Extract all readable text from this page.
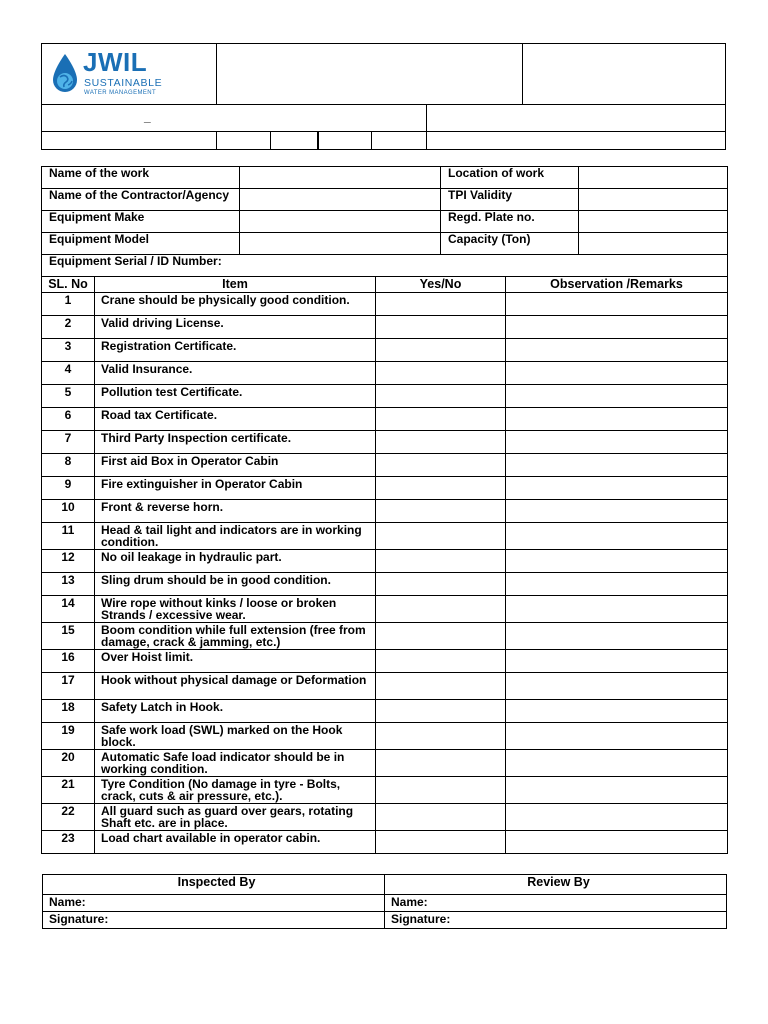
JWIL
SUSTAINABLE
WATER MANAGEMENT
_
Name of the work		Location of work	
Name of the Contractor/Agency		TPI Validity	
Equipment Make		Regd. Plate no.	
Equipment Model		Capacity (Ton)	
Equipment Serial / ID Number:			
SL. No	Item	Yes/No	Observation /Remarks
1	Crane should be physically good condition.		
2	Valid driving License.		
3	Registration Certificate.		
4	Valid Insurance.		
5	Pollution test Certificate.		
6	Road tax Certificate.		
7	Third Party Inspection certificate.		
8	First aid Box in Operator Cabin		
9	Fire extinguisher in Operator Cabin		
10	Front & reverse horn.		
11	Head & tail light and indicators are in working condition.		
12	No oil leakage in hydraulic part.		
13	Sling drum should be in good condition.		
14	Wire rope without kinks / loose or broken Strands / excessive wear.		
15	Boom condition while full extension (free from damage, crack & jamming, etc.)		
16	Over Hoist limit.		
17	Hook without physical damage or Deformation		
18	Safety Latch in Hook.		
19	Safe work load (SWL) marked on the Hook block.		
20	Automatic Safe load indicator should be in working condition.		
21	Tyre Condition (No damage in tyre - Bolts, crack, cuts & air pressure, etc.).		
22	All guard such as guard over gears, rotating Shaft etc. are in place.		
23	Load chart available in operator cabin.		
Inspected By	Review By
Name:	Name:
Signature:	Signature:
